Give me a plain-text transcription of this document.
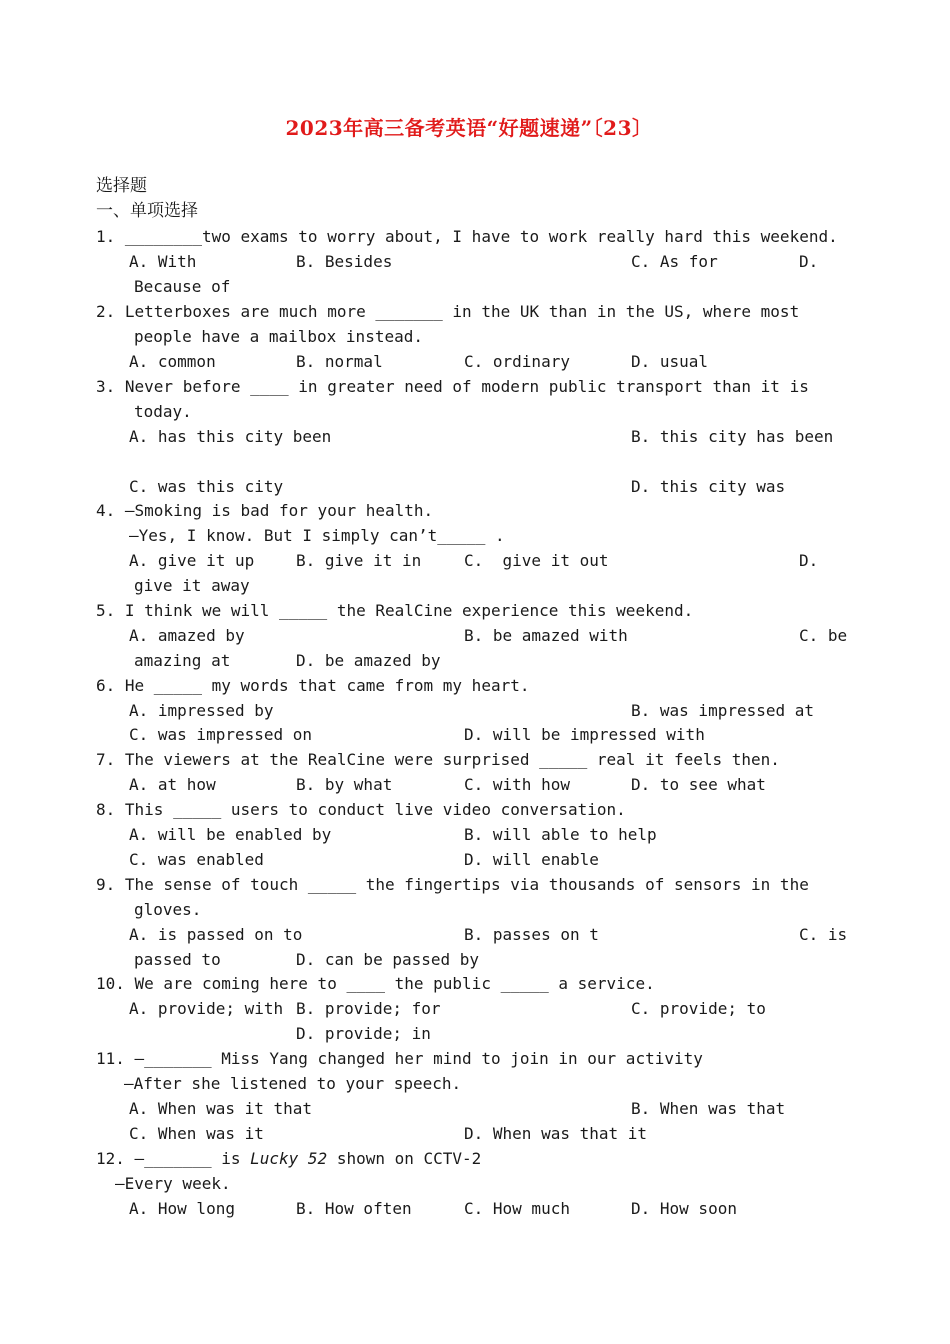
2023年高三备考英语“好题速递”〔23〕
选择题
一、单项选择
1. ________two exams to worry about, I have to work really hard this weekend.
A. With	B. Besides	C. As for	D.
Because of
2. Letterboxes are much more _______ in the UK than in the US, where most
people have a mailbox instead.
A. common	B. normal	C. ordinary	D. usual
3. Never before ____ in greater need of modern public transport than it is
today.
A. has this city been	B. this city has been
C. was this city	D. this city was
4. —Smoking is bad for your health.
—Yes, I know. But I simply can’t_____ .
A. give it up	B. give it in	C.  give it out	D.
give it away
5. I think we will _____ the RealCine experience this weekend.
A. amazed by	B. be amazed with	C. be
amazing at	D. be amazed by
6. He _____ my words that came from my heart.
A. impressed by	B. was impressed at
C. was impressed on	D. will be impressed with
7. The viewers at the RealCine were surprised _____ real it feels then.
A. at how	B. by what	C. with how	D. to see what
8. This _____ users to conduct live video conversation.
A. will be enabled by	B. will able to help
C. was enabled	D. will enable
9. The sense of touch _____ the fingertips via thousands of sensors in the
gloves.
A. is passed on to	B. passes on t	C. is
passed to	D. can be passed by
10. We are coming here to ____ the public _____ a service.
A. provide; with B. provide; for	C. provide; to
D. provide; in
11. —_______ Miss Yang changed her mind to join in our activity
—After she listened to your speech.
A. When was it that	B. When was that
C. When was it	D. When was that it
12. —_______ is Lucky 52 shown on CCTV-2
—Every week.
A. How long	B. How often	C. How much	D. How soon
